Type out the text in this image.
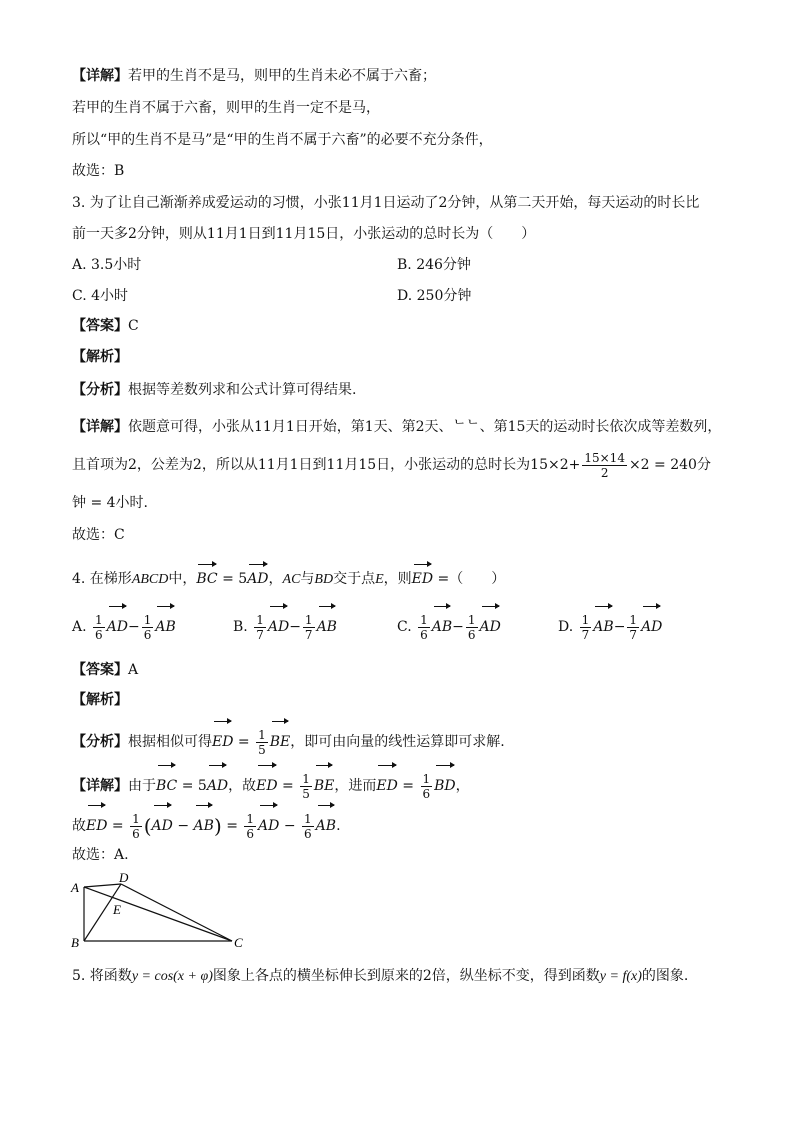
【详解】若甲的生肖不是马，则甲的生肖未必不属于六畜；
若甲的生肖不属于六畜，则甲的生肖一定不是马，
所以“甲的生肖不是马”是“甲的生肖不属于六畜”的必要不充分条件，
故选：B
3. 为了让自己渐渐养成爱运动的习惯，小张11月1日运动了2分钟，从第二天开始，每天运动的时长比
前一天多2分钟，则从11月1日到11月15日，小张运动的总时长为（　　）
A. 3.5小时	B. 246分钟
C. 4小时	D. 250分钟
【答案】C
【解析】
【分析】根据等差数列求和公式计算可得结果.
【详解】依题意可得，小张从11月1日开始，第1天、第2天、ᄂᄂ、第15天的运动时长依次成等差数列，
且首项为2，公差为2，所以从11月1日到11月15日，小张运动的总时长为$15\times 2+ \frac{15\times 14}{2} \times 2 = 240$分
钟 = 4小时.
故选：C
4. 在梯形ABCD中，BC = 5AD，AC与BD交于点E，则ED =（　　）
A. $\frac{1}{6} AD- \frac{1}{6}$ AB	B. $\frac{1}{7} AD- \frac{1}{7}$ AB	C. $\frac{1}{6} AB- \frac{1}{6}$ AD	D. $\frac{1}{7} AB- \frac{1}{7}$ AD
【答案】A
【解析】
【分析】根据相似可得ED = $\frac{1}{5}$ BE，即可由向量的线性运算即可求解.
【详解】由于BC = 5AD，故ED = $\frac{1}{5}$ BE，进而ED = $\frac{1}{6}$ BD，
故ED = $\frac{1}{6} (AD - AB) = \frac{1}{6}$ AD − $\frac{1}{6}$ AB.
故选：A.
A
B	C
D
E
5. 将函数y = cos(x + φ)图象上各点的横坐标伸长到原来的2倍，纵坐标不变，得到函数y = f(x)的图象.
